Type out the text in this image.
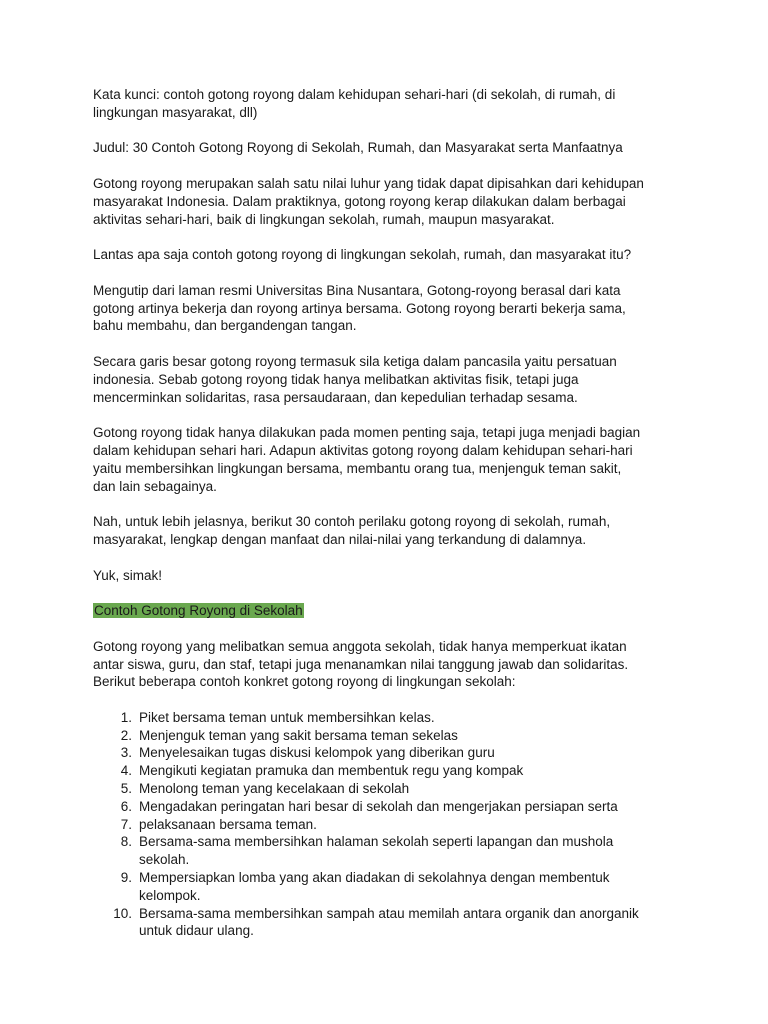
Kata kunci: contoh gotong royong dalam kehidupan sehari-hari (di sekolah, di rumah, di
lingkungan masyarakat, dll)

Judul: 30 Contoh Gotong Royong di Sekolah, Rumah, dan Masyarakat serta Manfaatnya

Gotong royong merupakan salah satu nilai luhur yang tidak dapat dipisahkan dari kehidupan
masyarakat Indonesia. Dalam praktiknya, gotong royong kerap dilakukan dalam berbagai
aktivitas sehari-hari, baik di lingkungan sekolah, rumah, maupun masyarakat.

Lantas apa saja contoh gotong royong di lingkungan sekolah, rumah, dan masyarakat itu?

Mengutip dari laman resmi Universitas Bina Nusantara, Gotong-royong berasal dari kata
gotong artinya bekerja dan royong artinya bersama. Gotong royong berarti bekerja sama,
bahu membahu, dan bergandengan tangan.

Secara garis besar gotong royong termasuk sila ketiga dalam pancasila yaitu persatuan
indonesia. Sebab gotong royong tidak hanya melibatkan aktivitas fisik, tetapi juga
mencerminkan solidaritas, rasa persaudaraan, dan kepedulian terhadap sesama.

Gotong royong tidak hanya dilakukan pada momen penting saja, tetapi juga menjadi bagian
dalam kehidupan sehari hari. Adapun aktivitas gotong royong dalam kehidupan sehari-hari
yaitu membersihkan lingkungan bersama, membantu orang tua, menjenguk teman sakit,
dan lain sebagainya.

Nah, untuk lebih jelasnya, berikut 30 contoh perilaku gotong royong di sekolah, rumah,
masyarakat, lengkap dengan manfaat dan nilai-nilai yang terkandung di dalamnya.

Yuk, simak!

Contoh Gotong Royong di Sekolah

Gotong royong yang melibatkan semua anggota sekolah, tidak hanya memperkuat ikatan
antar siswa, guru, dan staf, tetapi juga menanamkan nilai tanggung jawab dan solidaritas.
Berikut beberapa contoh konkret gotong royong di lingkungan sekolah:

1. Piket bersama teman untuk membersihkan kelas.
2. Menjenguk teman yang sakit bersama teman sekelas
3. Menyelesaikan tugas diskusi kelompok yang diberikan guru
4. Mengikuti kegiatan pramuka dan membentuk regu yang kompak
5. Menolong teman yang kecelakaan di sekolah
6. Mengadakan peringatan hari besar di sekolah dan mengerjakan persiapan serta
7. pelaksanaan bersama teman.
8. Bersama-sama membersihkan halaman sekolah seperti lapangan dan mushola
sekolah.
9. Mempersiapkan lomba yang akan diadakan di sekolahnya dengan membentuk
kelompok.
10. Bersama-sama membersihkan sampah atau memilah antara organik dan anorganik
untuk didaur ulang.
